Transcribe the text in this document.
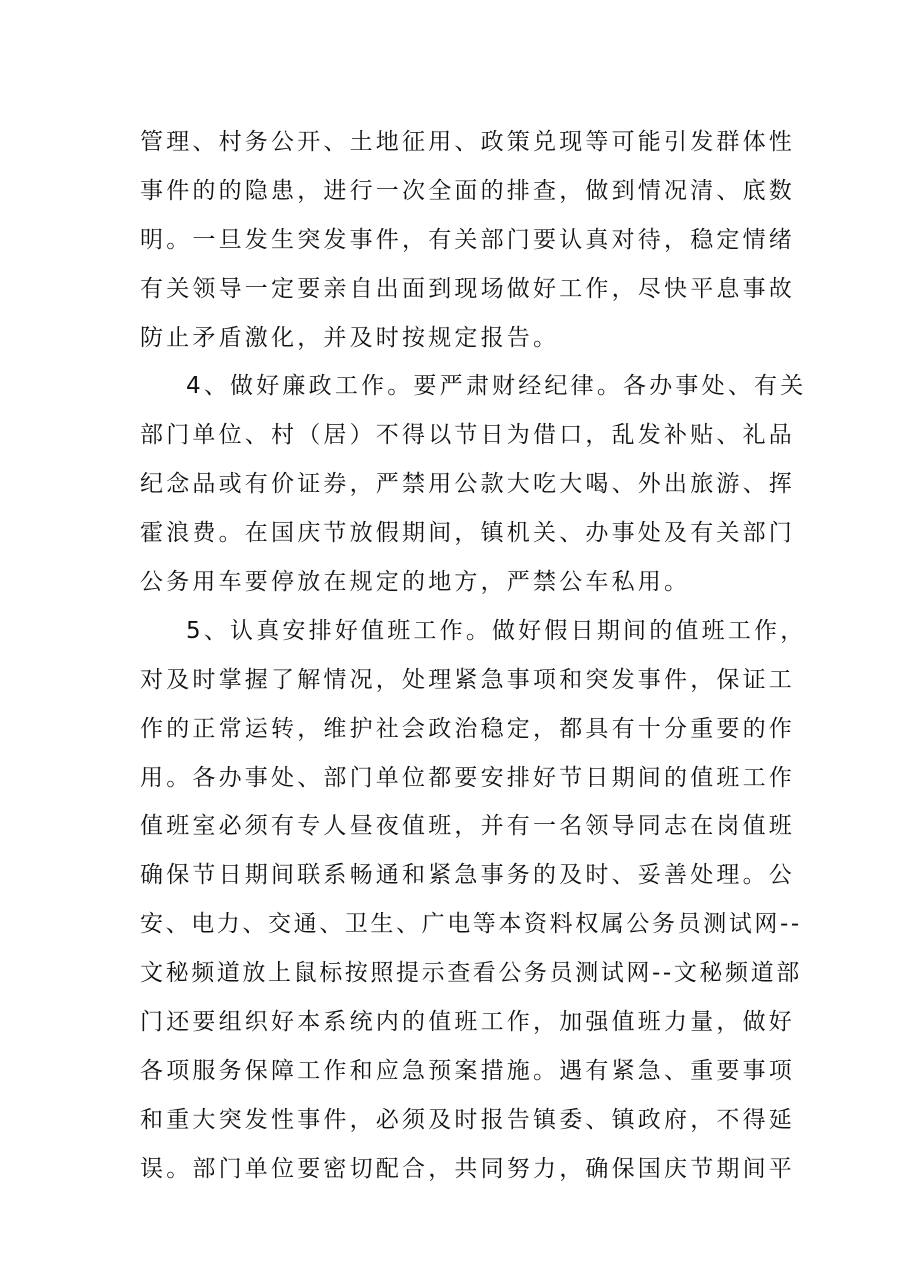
管理、村务公开、土地征用、政策兑现等可能引发群体性
事件的的隐患，进行一次全面的排查，做到情况清、底数
明。一旦发生突发事件，有关部门要认真对待，稳定情绪
有关领导一定要亲自出面到现场做好工作，尽快平息事故
防止矛盾激化，并及时按规定报告。
4、做好廉政工作。要严肃财经纪律。各办事处、有关
部门单位、村（居）不得以节日为借口，乱发补贴、礼品
纪念品或有价证券，严禁用公款大吃大喝、外出旅游、挥
霍浪费。在国庆节放假期间，镇机关、办事处及有关部门
公务用车要停放在规定的地方，严禁公车私用。
5、认真安排好值班工作。做好假日期间的值班工作，
对及时掌握了解情况，处理紧急事项和突发事件，保证工
作的正常运转，维护社会政治稳定，都具有十分重要的作
用。各办事处、部门单位都要安排好节日期间的值班工作
值班室必须有专人昼夜值班，并有一名领导同志在岗值班
确保节日期间联系畅通和紧急事务的及时、妥善处理。公
安、电力、交通、卫生、广电等本资料权属公务员测试网--
文秘频道放上鼠标按照提示查看公务员测试网--文秘频道部
门还要组织好本系统内的值班工作，加强值班力量，做好
各项服务保障工作和应急预案措施。遇有紧急、重要事项
和重大突发性事件，必须及时报告镇委、镇政府，不得延
误。部门单位要密切配合，共同努力，确保国庆节期间平
